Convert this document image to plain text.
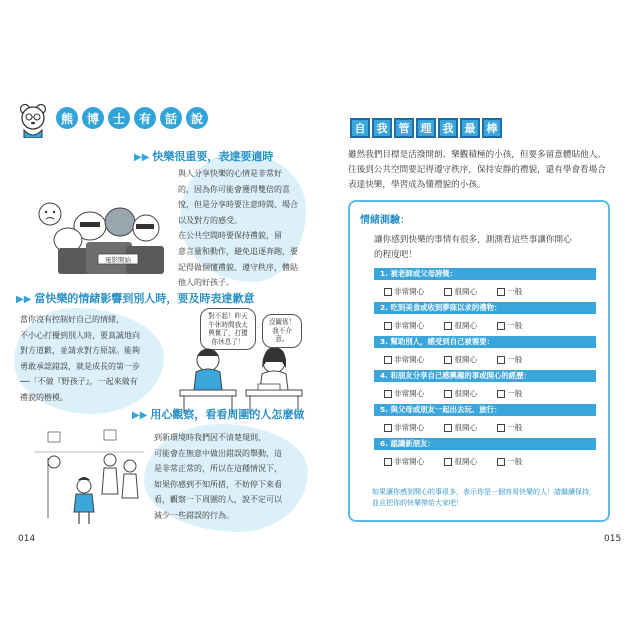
熊	博	士	有	話	說
▶▶ 快樂很重要，表達要適時
與人分享快樂的心情是非常好
的，因為你可能會獲得雙倍的喜
悅，但是分享時要注意時間、場合
以及對方的感受。
在公共空間時要保持禮貌，留
意言量和動作，避免追逐奔跑，要
記得做個懂禮貌、遵守秩序，體貼
他人的好孩子。
電影開始
▶▶ 當快樂的情緒影響到別人時，要及時表達歉意
當你沒有控制好自己的情緒，
不小心打擾到別人時，要真誠地向
對方道歉，並請求對方原諒。能夠
勇敢承認錯誤，就是成長的第一步
──「不做『野孩子』，一起來做有
禮貌的楷模。
對不起！昨天午休時間我太興奮了，打擾你休息了！
沒關係！我不介意。
▶▶ 用心觀察，看看周圍的人怎麼做
到新環境時我們因不清楚規則，
可能會在無意中做出錯誤的舉動，這
是非常正常的，所以在這種情況下，
如果你感到不知所措，不妨停下來看
看，觀察一下周圍的人，說不定可以
減少一些錯誤的行為。
014
自	我	管	理	我	最	棒
雖然我們目標是活潑開朗、樂觀積極的小孩，但要多留意體貼他人。往後到公共空間要記得遵守秩序，保持安靜的禮貌，還有學會看場合表達快樂，學習成為懂禮貌的小孩。
情緒測驗：
讓你感到快樂的事情有很多，測測看這些事讓你開心的程度吧！
1. 被老師或父母誇獎：
非常開心	很開心	一般
2. 吃到美食或收到夢寐以求的禮物：
非常開心	很開心	一般
3. 幫助別人，感受到自己被需要：
非常開心	很開心	一般
4. 和朋友分享自己感興趣的事或開心的經歷：
非常開心	很開心	一般
5. 與父母或朋友一起出去玩、旅行：
非常開心	很開心	一般
6. 認識新朋友：
非常開心	很開心	一般
如果讓你感到開心的事很多，表示你是一個容易快樂的人！請繼續保持，並且把你的快樂帶給大家吧！
015
